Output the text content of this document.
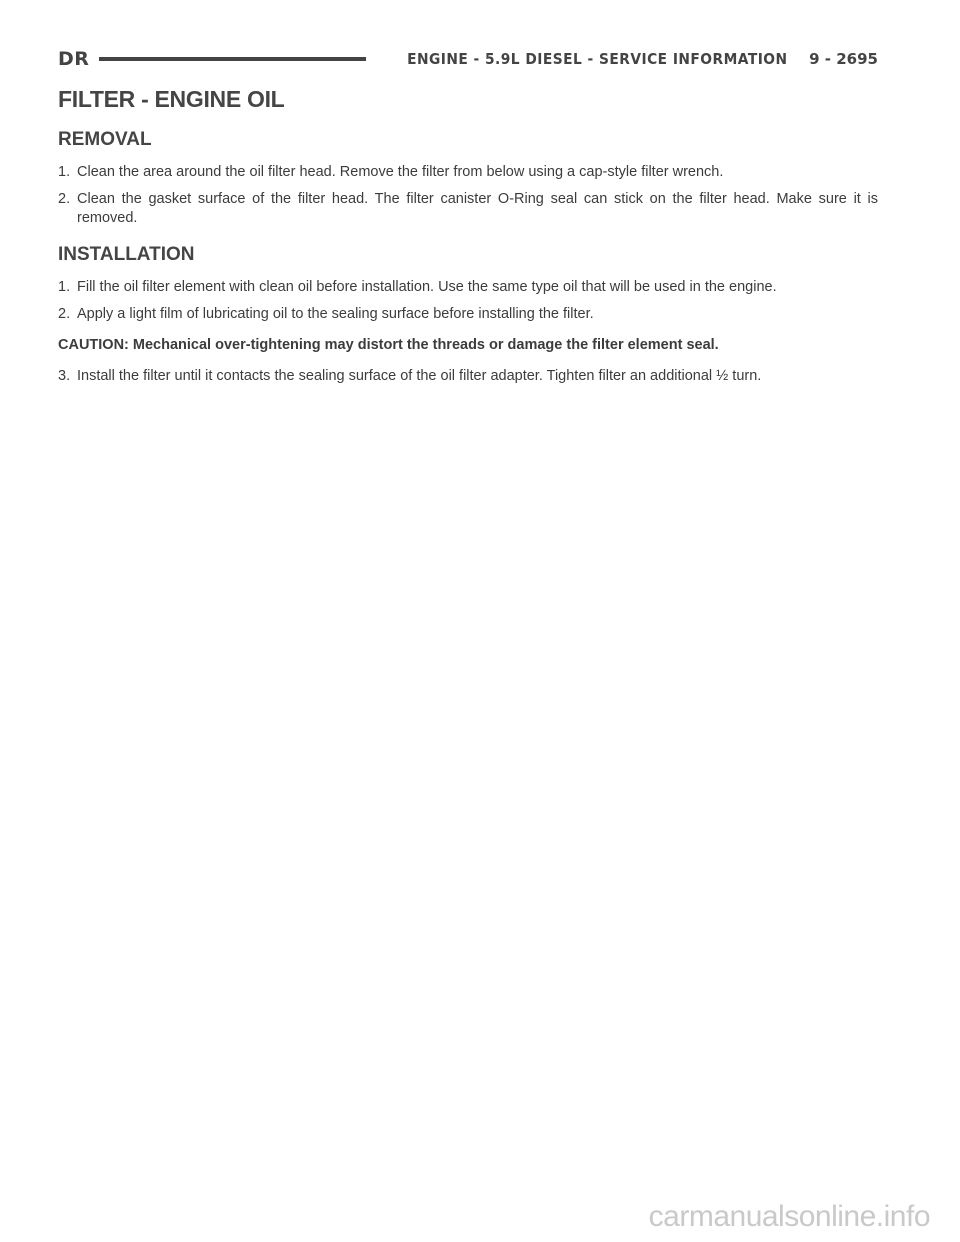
DR	ENGINE - 5.9L DIESEL - SERVICE INFORMATION 9 - 2695
FILTER - ENGINE OIL
REMOVAL
1. Clean the area around the oil filter head. Remove the filter from below using a cap-style filter wrench.
2. Clean the gasket surface of the filter head. The filter canister O-Ring seal can stick on the filter head. Make sure it is removed.
INSTALLATION
1. Fill the oil filter element with clean oil before installation. Use the same type oil that will be used in the engine.
2. Apply a light film of lubricating oil to the sealing surface before installing the filter.

CAUTION: Mechanical over-tightening may distort the threads or damage the filter element seal.

3. Install the filter until it contacts the sealing surface of the oil filter adapter. Tighten filter an additional ½ turn.
carmanualsonline.info
